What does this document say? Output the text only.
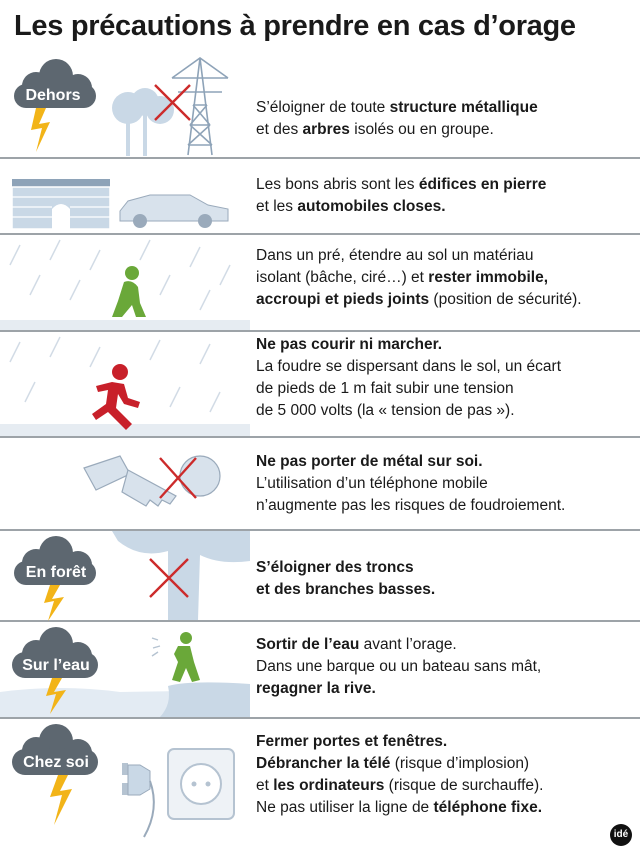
Les précautions à prendre en cas d’orage
Dehors
S’éloigner de toute structure métallique
et des arbres isolés ou en groupe.
Les bons abris sont les édifices en pierre
et les automobiles closes.
Dans un pré, étendre au sol un matériau
isolant (bâche, ciré…) et rester immobile,
accroupi et pieds joints (position de sécurité).
Ne pas courir ni marcher.
La foudre se dispersant dans le sol, un écart
de pieds de 1 m fait subir une tension
de 5 000 volts (la « tension de pas »).
Ne pas porter de métal sur soi.
L’utilisation d’un téléphone mobile
n’augmente pas les risques de foudroiement.
En forêt	S’éloigner des troncs
et des branches basses.
Sur l’eau
Sortir de l’eau avant l’orage.
Dans une barque ou un bateau sans mât,
regagner la rive.
Chez soi
Fermer portes et fenêtres.
Débrancher la télé (risque d’implosion)
et les ordinateurs (risque de surchauffe).
Ne pas utiliser la ligne de téléphone fixe.
idé
